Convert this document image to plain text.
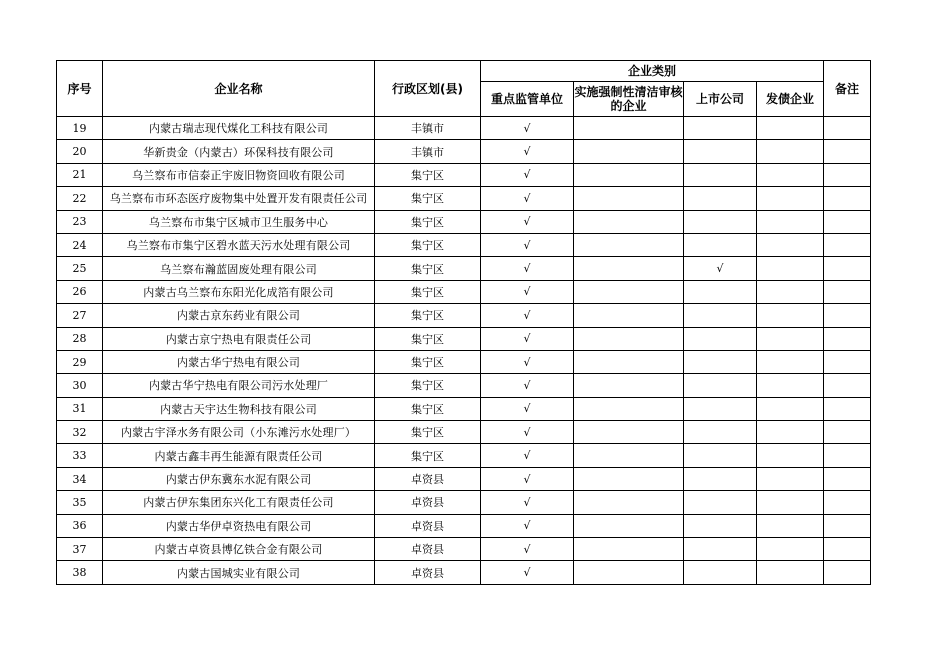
序号	企业名称	行政区划(县)	企业类别				备注
			重点监管单位	实施强制性清洁审核的企业	上市公司	发债企业	
19	内蒙古瑞志现代煤化工科技有限公司	丰镇市	√				
20	华新贵金（内蒙古）环保科技有限公司	丰镇市	√				
21	乌兰察布市信泰正宇废旧物资回收有限公司	集宁区	√				
22	乌兰察布市环态医疗废物集中处置开发有限责任公司	集宁区	√				
23	乌兰察布市集宁区城市卫生服务中心	集宁区	√				
24	乌兰察布市集宁区碧水蓝天污水处理有限公司	集宁区	√				
25	乌兰察布瀚蓝固废处理有限公司	集宁区	√		√		
26	内蒙古乌兰察布东阳光化成箔有限公司	集宁区	√				
27	内蒙古京东药业有限公司	集宁区	√				
28	内蒙古京宁热电有限责任公司	集宁区	√				
29	内蒙古华宁热电有限公司	集宁区	√				
30	内蒙古华宁热电有限公司污水处理厂	集宁区	√				
31	内蒙古天宇达生物科技有限公司	集宁区	√				
32	内蒙古宇泽水务有限公司（小东滩污水处理厂）	集宁区	√				
33	内蒙古鑫丰再生能源有限责任公司	集宁区	√				
34	内蒙古伊东冀东水泥有限公司	卓资县	√				
35	内蒙古伊东集团东兴化工有限责任公司	卓资县	√				
36	内蒙古华伊卓资热电有限公司	卓资县	√				
37	内蒙古卓资县博亿铁合金有限公司	卓资县	√				
38	内蒙古国城实业有限公司	卓资县	√				
